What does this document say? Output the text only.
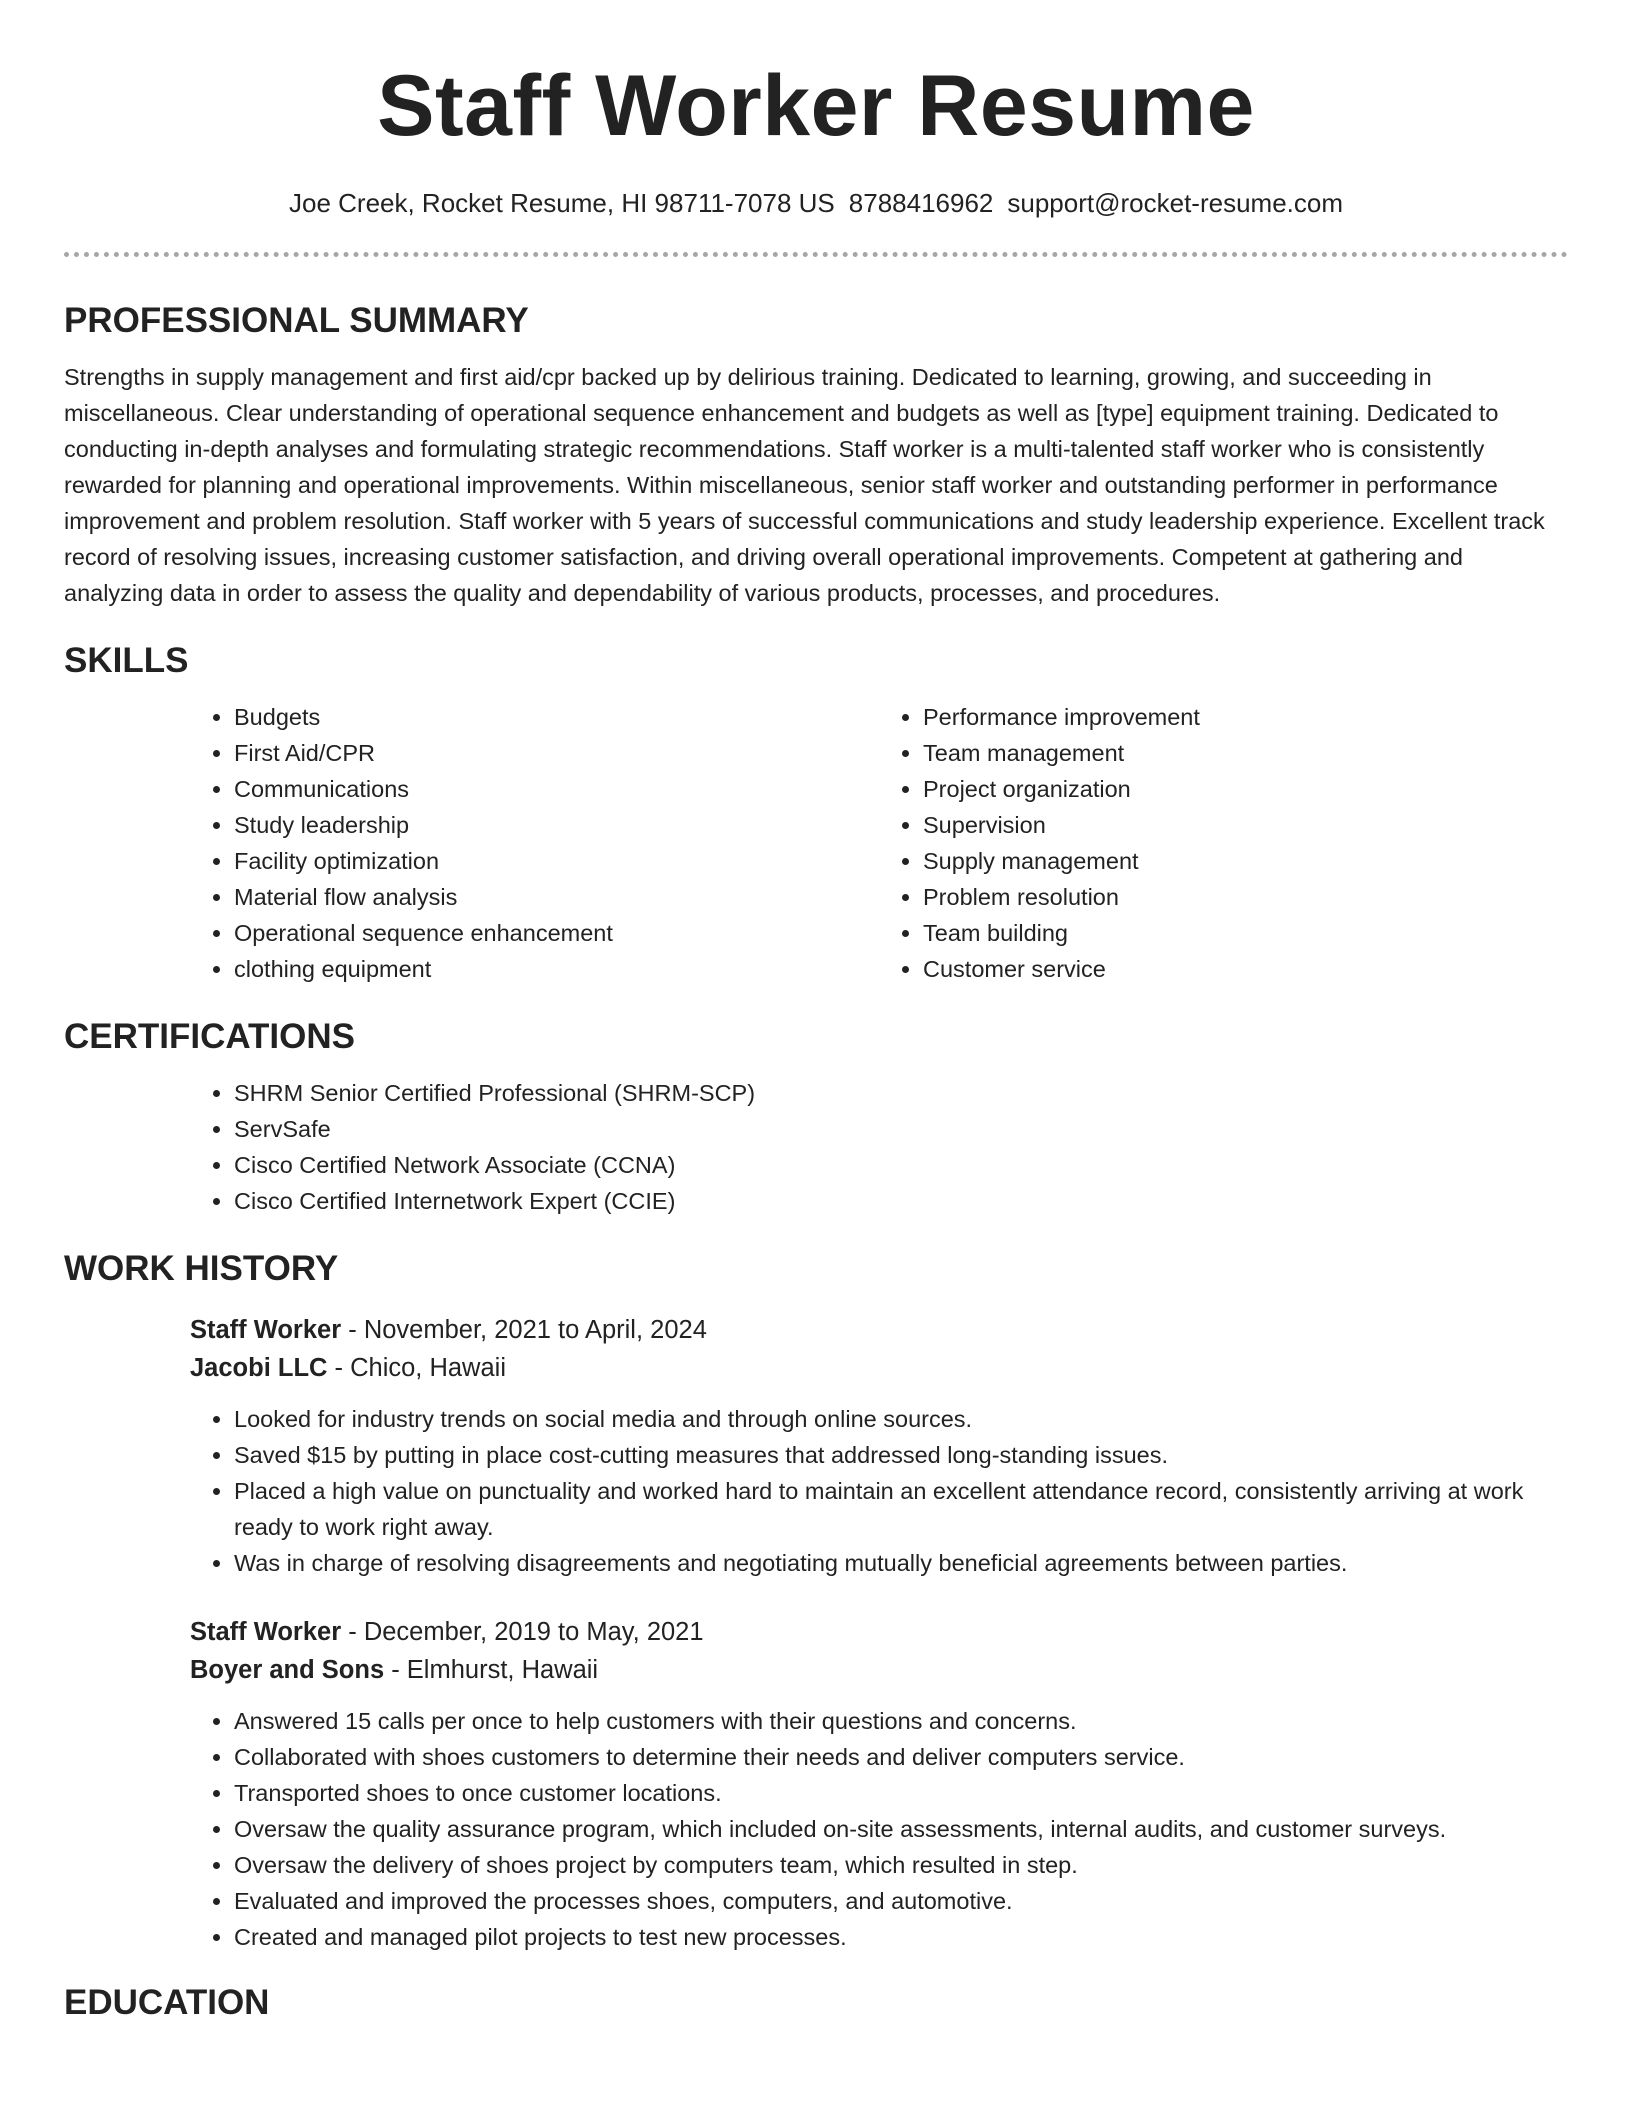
Staff Worker Resume
Joe Creek, Rocket Resume, HI 98711-7078 US 8788416962 support@rocket-resume.com
PROFESSIONAL SUMMARY

Strengths in supply management and first aid/cpr backed up by delirious training. Dedicated to learning, growing, and succeeding in miscellaneous. Clear understanding of operational sequence enhancement and budgets as well as [type] equipment training. Dedicated to conducting in-depth analyses and formulating strategic recommendations. Staff worker is a multi-talented staff worker who is consistently rewarded for planning and operational improvements. Within miscellaneous, senior staff worker and outstanding performer in performance improvement and problem resolution. Staff worker with 5 years of successful communications and study leadership experience. Excellent track record of resolving issues, increasing customer satisfaction, and driving overall operational improvements. Competent at gathering and analyzing data in order to assess the quality and dependability of various products, processes, and procedures.

SKILLS
• Budgets
• First Aid/CPR
• Communications
• Study leadership
• Facility optimization
• Material flow analysis
• Operational sequence enhancement
• clothing equipment
• Performance improvement
• Team management
• Project organization
• Supervision
• Supply management
• Problem resolution
• Team building
• Customer service
CERTIFICATIONS
• SHRM Senior Certified Professional (SHRM-SCP)
• ServSafe
• Cisco Certified Network Associate (CCNA)
• Cisco Certified Internetwork Expert (CCIE)
WORK HISTORY

Staff Worker - November, 2021 to April, 2024

Jacobi LLC - Chico, Hawaii

• Looked for industry trends on social media and through online sources.
• Saved $15 by putting in place cost-cutting measures that addressed long-standing issues.
• Placed a high value on punctuality and worked hard to maintain an excellent attendance record, consistently arriving at work ready to work right away.
• Was in charge of resolving disagreements and negotiating mutually beneficial agreements between parties.

Staff Worker - December, 2019 to May, 2021

Boyer and Sons - Elmhurst, Hawaii

• Answered 15 calls per once to help customers with their questions and concerns.
• Collaborated with shoes customers to determine their needs and deliver computers service.
• Transported shoes to once customer locations.
• Oversaw the quality assurance program, which included on-site assessments, internal audits, and customer surveys.
• Oversaw the delivery of shoes project by computers team, which resulted in step.
• Evaluated and improved the processes shoes, computers, and automotive.
• Created and managed pilot projects to test new processes.
EDUCATION
